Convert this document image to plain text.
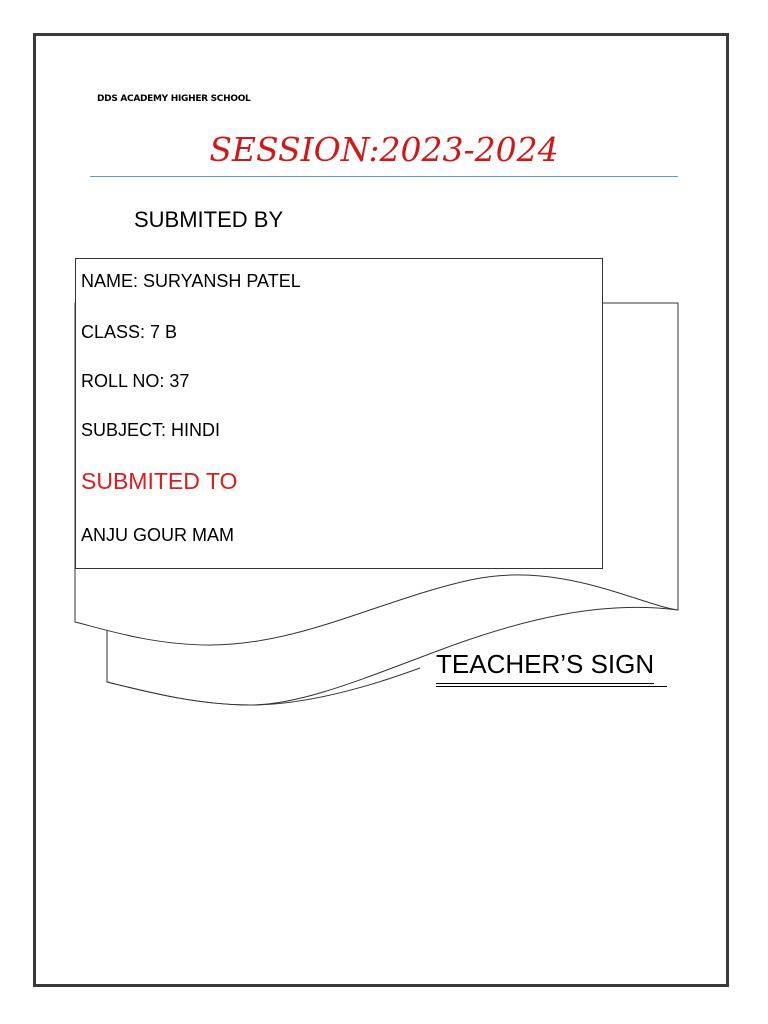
DDS ACADEMY HIGHER SCHOOL
SESSION:2023-2024
SUBMITED BY
NAME: SURYANSH PATEL
CLASS: 7 B
ROLL NO: 37
SUBJECT: HINDI
SUBMITED TO
ANJU GOUR MAM
TEACHER’S SIGN
